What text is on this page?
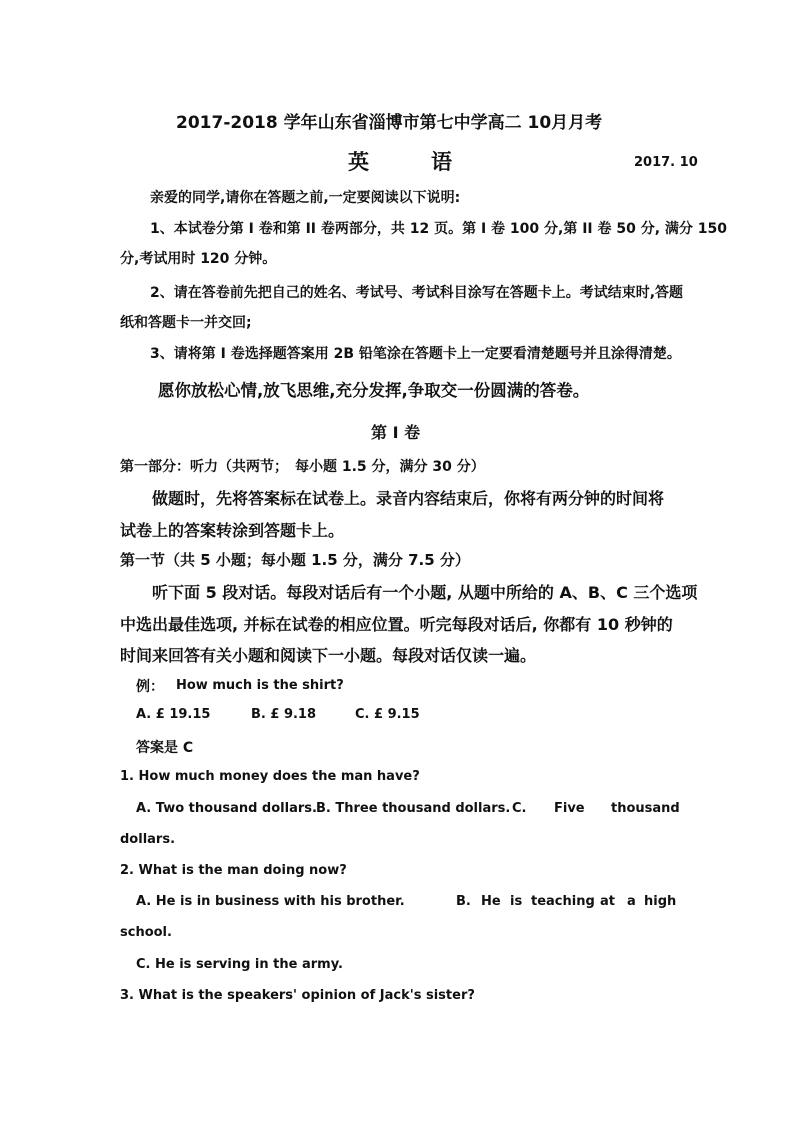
2017-2018 学年山东省淄博市第七中学高二 10月月考
英	语	2017. 10
亲爱的同学,请你在答题之前,一定要阅读以下说明:
1、本试卷分第 I 卷和第 II 卷两部分，共 12 页。第 I 卷 100 分,第 II 卷 50 分, 满分 150
分,考试用时 120 分钟。
2、请在答卷前先把自己的姓名、考试号、考试科目涂写在答题卡上。考试结束时,答题
纸和答题卡一并交回;
3、请将第 I 卷选择题答案用 2B 铅笔涂在答题卡上一定要看清楚题号并且涂得清楚。
愿你放松心情,放飞思维,充分发挥,争取交一份圆满的答卷。
第 I 卷
第一部分：听力（共两节；　每小题 1.5 分，满分 30 分）
做题时，先将答案标在试卷上。录音内容结束后，你将有两分钟的时间将
试卷上的答案转涂到答题卡上。
第一节（共 5 小题；每小题 1.5 分，满分 7.5 分）
听下面 5 段对话。每段对话后有一个小题, 从题中所给的 A、B、C 三个选项
中选出最佳选项, 并标在试卷的相应位置。听完每段对话后, 你都有 10 秒钟的
时间来回答有关小题和阅读下一小题。每段对话仅读一遍。
例： How much is the shirt?
A. £ 19.15	B. £ 9.18	C. £ 9.15
答案是 C
1. How much money does the man have?
A. Two thousand dollars. B. Three thousand dollars. C. Five thousand
dollars.
2. What is the man doing now?
A. He is in business with his brother.	B. He is teaching at a high
school.
C. He is serving in the army.
3. What is the speakers' opinion of Jack's sister?
